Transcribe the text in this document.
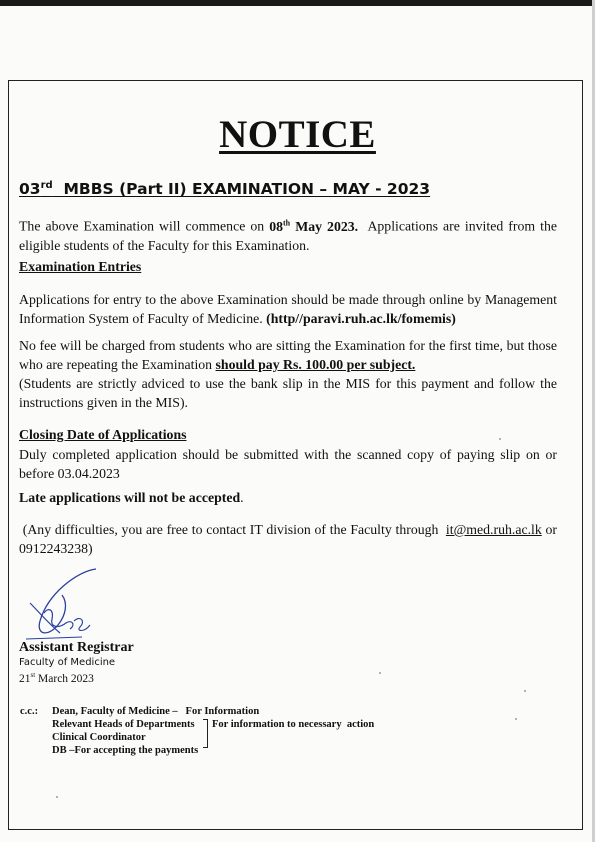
NOTICE
03rd  MBBS (Part II) EXAMINATION – MAY - 2023

The above Examination will commence on 08th May 2023.  Applications are invited from the eligible students of the Faculty for this Examination.

Examination Entries

Applications for entry to the above Examination should be made through online by Management Information System of Faculty of Medicine. (http//paravi.ruh.ac.lk/fomemis)

No fee will be charged from students who are sitting the Examination for the first time, but those who are repeating the Examination should pay Rs. 100.00 per subject.

(Students are strictly adviced to use the bank slip in the MIS for this payment and follow the instructions given in the MIS).

Closing Date of Applications

Duly completed application should be submitted with the scanned copy of paying slip on or before 03.04.2023

Late applications will not be accepted.

(Any difficulties, you are free to contact IT division of the Faculty through  it@med.ruh.ac.lk or 0912243238)

Assistant Registrar
Faculty of Medicine
21st March 2023
c.c.: Dean, Faculty of Medicine –   For Information
Relevant Heads of Departments For information to necessary  action
Clinical Coordinator
DB –For accepting the payments
